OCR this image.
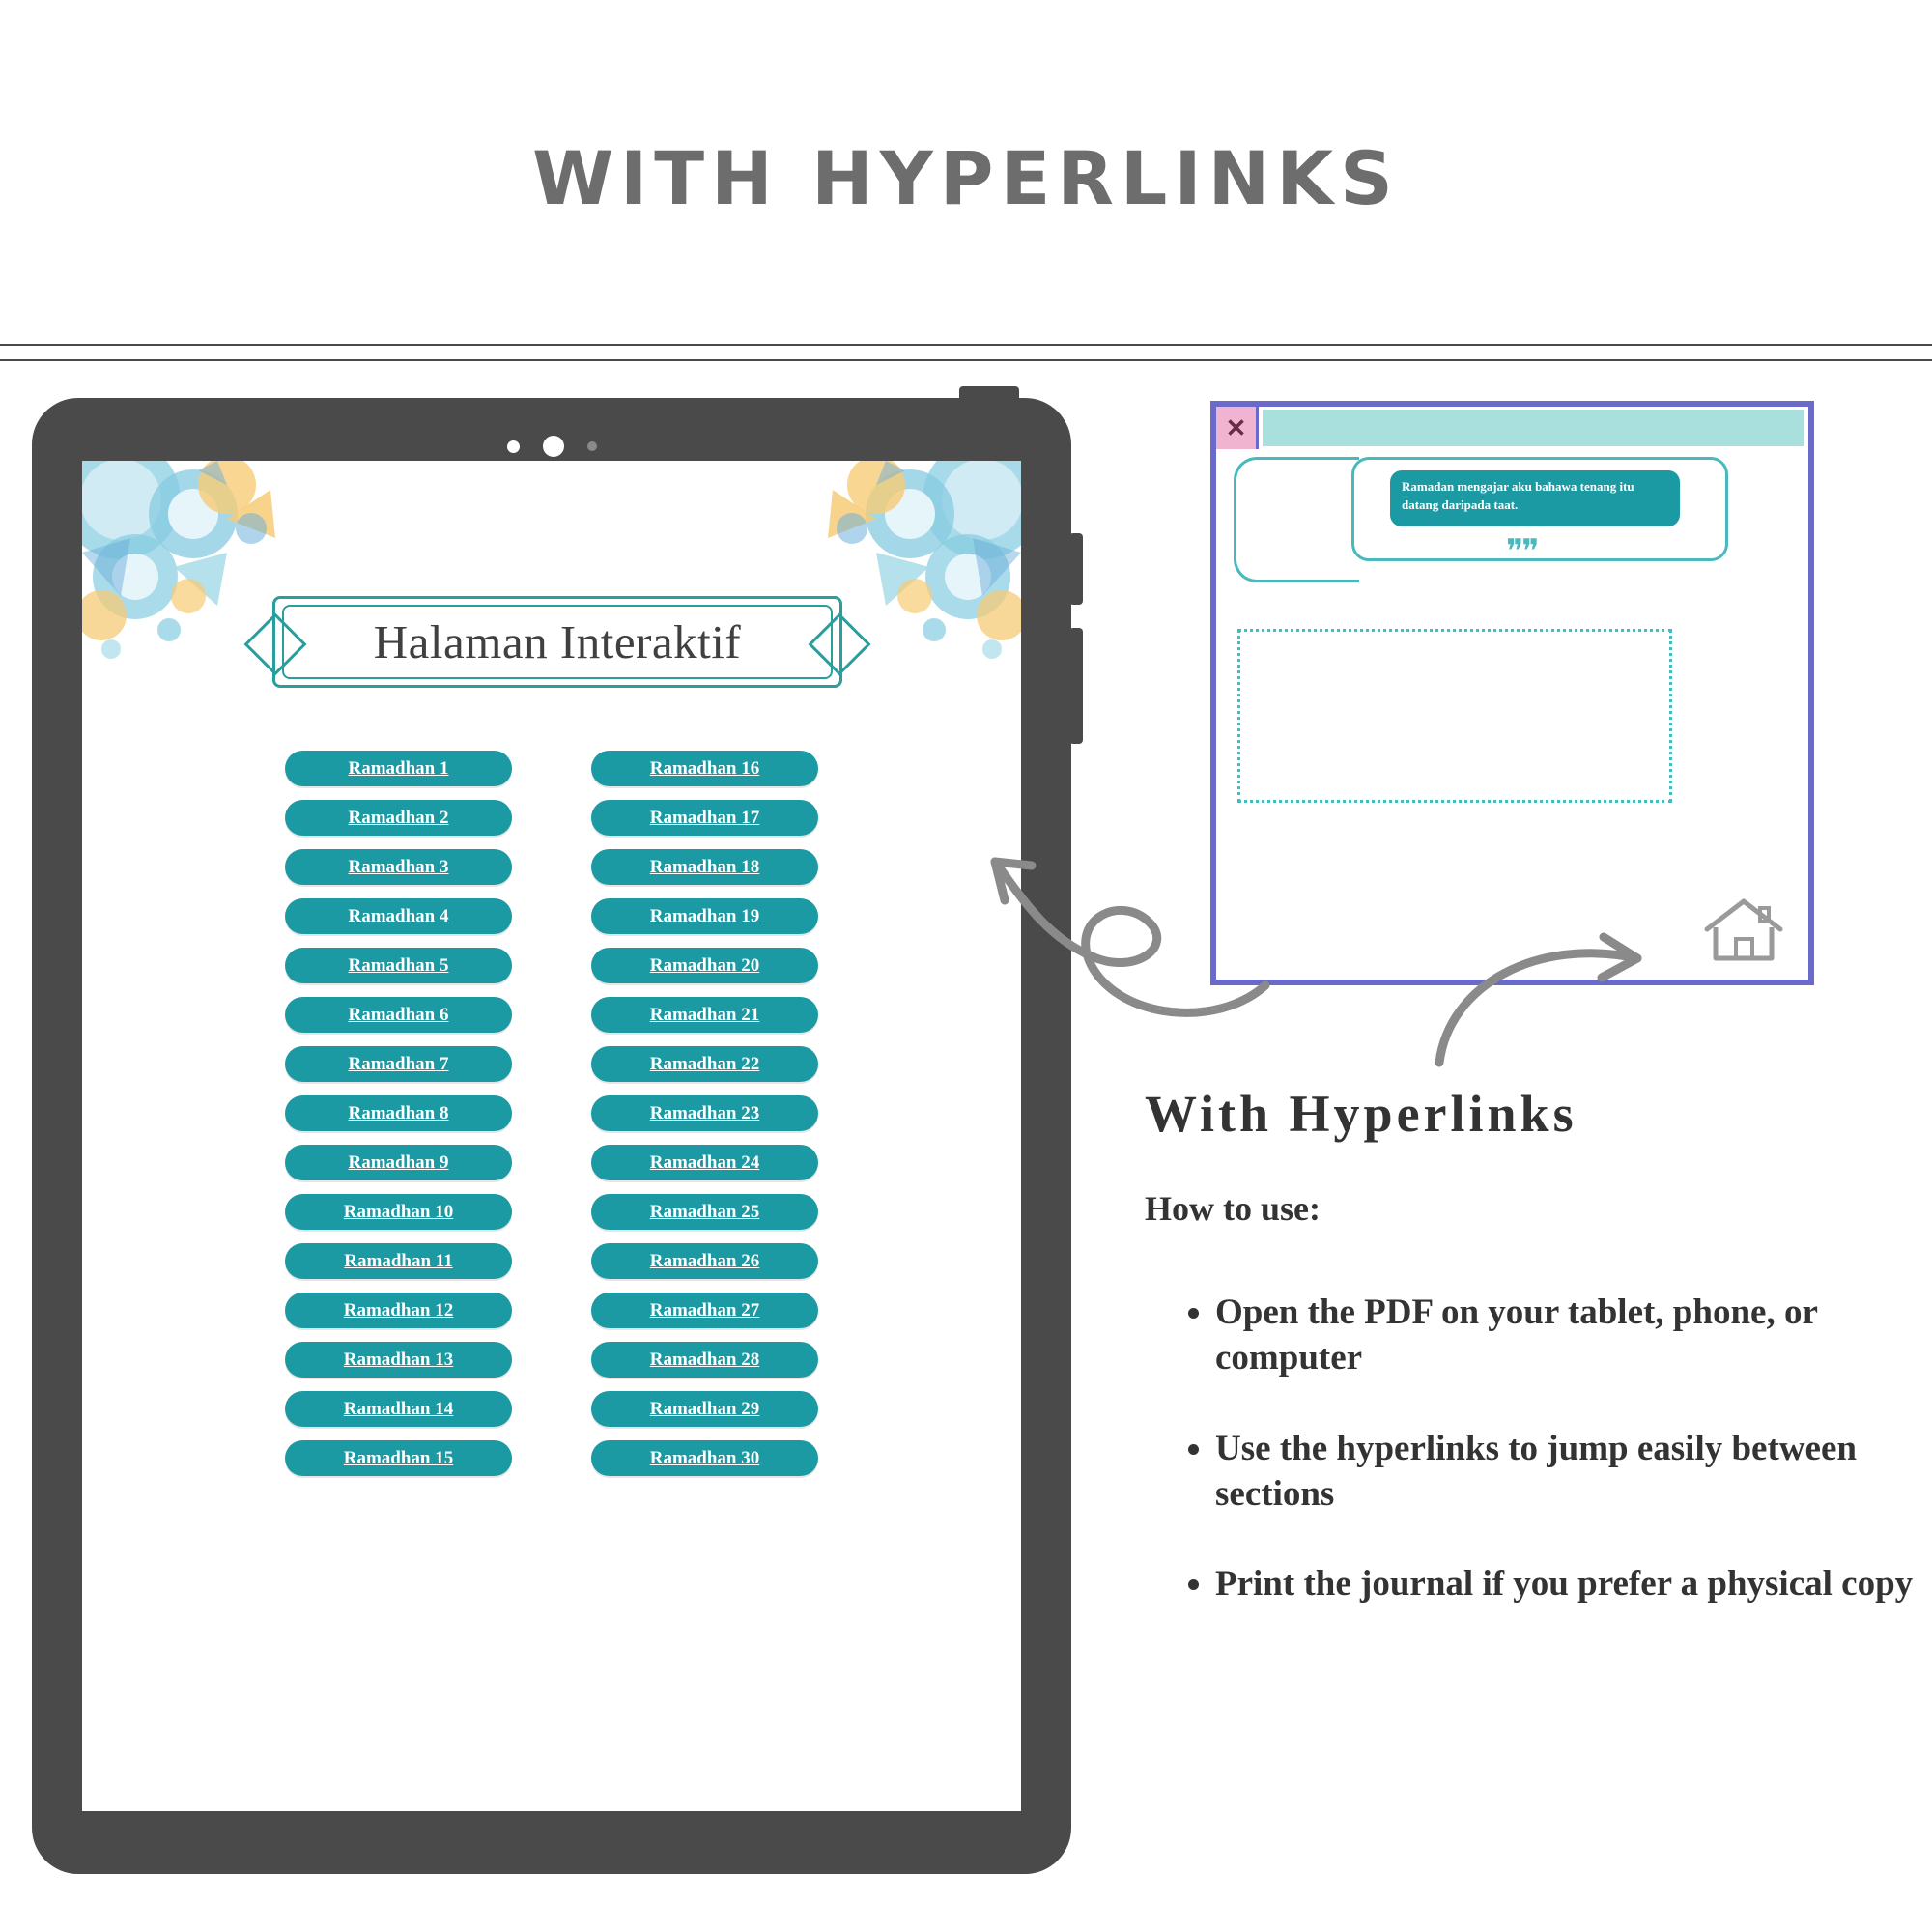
WITH HYPERLINKS
Halaman Interaktif
Ramadhan 1
Ramadhan 2
Ramadhan 3
Ramadhan 4
Ramadhan 5
Ramadhan 6
Ramadhan 7
Ramadhan 8
Ramadhan 9
Ramadhan 10
Ramadhan 11
Ramadhan 12
Ramadhan 13
Ramadhan 14
Ramadhan 15
Ramadhan 16
Ramadhan 17
Ramadhan 18
Ramadhan 19
Ramadhan 20
Ramadhan 21
Ramadhan 22
Ramadhan 23
Ramadhan 24
Ramadhan 25
Ramadhan 26
Ramadhan 27
Ramadhan 28
Ramadhan 29
Ramadhan 30
✕
Ramadan mengajar aku bahawa tenang itu datang daripada taat.
❞❞
With Hyperlinks
How to use:
• Open the PDF on your tablet, phone, or computer
• Use the hyperlinks to jump easily between sections
• Print the journal if you prefer a physical copy
